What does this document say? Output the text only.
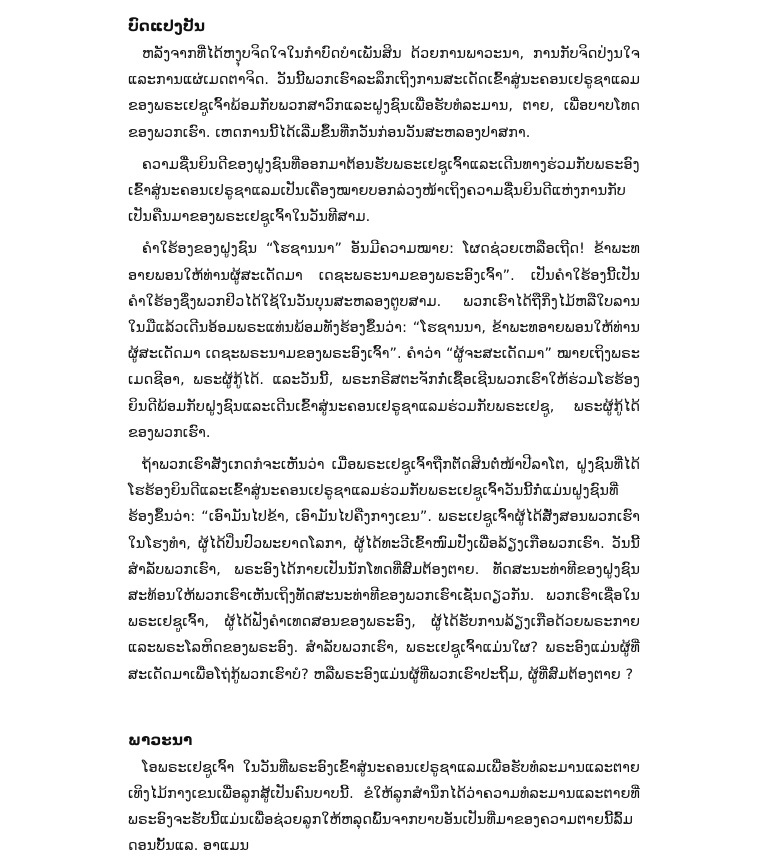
ບົດແປງປັນ

ຫລັງຈາກທີ່ໄດ້ຫງຸບຈິດໃຈໃນກໍາບົດບໍາເພັນສິນ ດ້ວຍການພາວະນາ, ການກັບຈິດປ່ງນໃຈແລະການແຜ່ເມດຕາຈິດ. ວັນນີ້ພວກເຮົາລະລຶກເຖິງການສະເດັດເຂົ້າສູ່ນະຄອນເຢຣູຊາແລມຂອງພຣະເຢຊູເຈົ້າພ້ອມກັບພວກສາວົກແລະຝູງຊົນເພື່ອຮັບທໍລະມານ, ຕາຍ, ເພື່ອບາບໂທດຂອງພວກເຮົາ. ເຫດການນີ້ໄດ້ເລີ່ມຂຶ້ນທີ່ກວັນກ່ອນວັນສະຫລອງປາສກາ.

ຄວາມຊື່ນຍິນດີຂອງຝູງຊົນທີ່ອອກມາຕ້ອນຮັບພຣະເຢຊູເຈົ້າແລະເດີນທາງຮ່ວມກັບພຣະອົງເຂົ້າສູ່ນະຄອນເຢຣູຊາແລມເປັນເຄື່ອງໝາຍບອກລ່ວງໜ້າເຖິງຄວາມຊື່ນຍິນດີແຫ່ງການກັບເປັນຄືນມາຂອງພຣະເຢຊູເຈົ້າໃນວັນທີສາມ.

ຄໍາໃຮ້ອງຂອງຝູງຊົນ “ໂຮຊານນາ” ອັນມີຄວາມໝາຍ: ໂຜດຊ່ວຍເຫລືອເຖີດ! ຂ້າພະທອາຍພອນໃຫ້ທ່ານຜູ້ສະເດັດມາ ເດຊະພຣະນາມຂອງພຣະອົງເຈົ້າ”. ເປັນຄໍາໃຮ້ອງນີ້ເປັນຄໍາໃຮ້ອງຊຶ່ງພວກຢິວໄດ້ໃຊ້ໃນວັນບຸນສະຫລອງຕູບສາມ. ພວກເຮົາໄດ້ຖືກິ່ງໄມ້ຫລືໃບລານໃນມືແລ້ວເດີນອ້ອມພຣະແທ່ນພ້ອມທັງຮ້ອງຂຶ້ນວ່າ: “ໂຮຊານນາ, ຂ້າພະທອາຍພອນໃຫ້ທ່ານຜູ້ສະເດັດມາ ເດຊະພຣະນາມຂອງພຣະອົງເຈົ້າ”. ຄໍາວ່າ “ຜູ້ຈະສະເດັດມາ” ໝາຍເຖິງພຣະເມດຊີອາ, ພຣະຜູ້ກູ້ໄດ້. ແລະວັນນີ້, ພຣະກຣີສຕະຈັກກໍ່ເຊື້ອເຊີນພວກເຮົາໃຫ້ຮ່ວມໂຮຮ້ອງຍິນດີພ້ອມກັບຝູງຊົນແລະເດີນເຂົ້າສູ່ນະຄອນເຢຣູຊາແລມຮ່ວມກັບພຣະເຢຊູ, ພຣະຜູ້ກູ້ໄດ້ຂອງພວກເຮົາ.

ຖ້າພວກເຮົາສັງເກດກໍຈະເຫັນວ່າ ເມື່ອພຣະເຢຊູເຈົ້າຖືກຕັດສິນຕໍ່ໜ້າປີລາໂຕ, ຝູງຊົນທີ່ໄດ້ໂຮຮ້ອງຍິນດີແລະເຂົ້າສູ່ນະຄອນເຢຣູຊາແລມຮ່ວມກັບພຣະເຢຊູເຈົ້າວັນນີ້ກໍ່ແມ່ນຝູງຊົນທີ່ຮ້ອງຂຶ້ນວ່າ: “ເອົາມັນໄປຂ້າ, ເອົາມັນໄປຄືງກາງເຂນ”. ພຣະເຢຊູເຈົ້າຜູ້ໄດ້ສັ່ງສອນພວກເຮົາໃນໂຮງທໍາ, ຜູ້ໄດ້ປິ່ນປົວພະຍາດໂລກາ, ຜູ້ໄດ້ທະວີເຂົ້າໜົມປັງເພື່ອລ້ຽງເກືອພວກເຮົາ. ວັນນີ້ສໍາລັບພວກເຮົາ, ພຣະອົງໄດ້ກາຍເປັນນັກໂທດທີ່ສົມຕ້ອງຕາຍ. ທັດສະນະທ່າທີຂອງຝູງຊົນສະທ້ອນໃຫ້ພວກເຮົາເຫັນເຖິງທັດສະນະທ່າທີຂອງພວກເຮົາເຊັ່ນດຽວກັນ. ພວກເຮົາເຊື່ອໃນພຣະເຢຊູເຈົ້າ, ຜູ້ໄດ້ຟັງຄໍາເທດສອນຂອງພຣະອົງ, ຜູ້ໄດ້ຮັບການລ້ຽງເກືອດ້ວຍພຣະກາຍແລະພຣະໂລຫິດຂອງພຣະອົງ. ສໍາລັບພວກເຮົາ, ພຣະເຢຊູເຈົ້າແມ່ນໃຜ? ພຣະອົງແມ່ນຜູ້ທີ່ສະເດັດມາເພື່ອໂຖ່ກູ້ພວກເຮົາບໍ? ຫລືພຣະອົງແມ່ນຜູ້ທີ່ພວກເຮົາປະຖິ້ມ, ຜູ້ທີ່ສົມຕ້ອງຕາຍ ?

ພາວະນາ

ໂອພຣະເຢຊູເຈົ້າ ໃນວັນທີ່ພຣະອົງເຂົ້າສູ່ນະຄອນເຢຣູຊາແລມເພື່ອຮັບທໍລະມານແລະຕາຍເທິງໄມ້ກາງເຂນເພື່ອລູກສູ້ເປັນຄົນບາບນີ້. ຂໍໃຫ້ລູກສໍານຶກໄດ້ວ່າຄວາມທໍລະມານແລະຕາຍທີ່ພຣະອົງຈະຮັບນີ້ແມ່ນເພື່ອຊ່ວຍລູກໃຫ້ຫລຸດພົ້ນຈາກບາບອັນເປັນທີ່ມາຂອງຄວາມຕາຍນີ້ລົ້ມດອນບັ້ນແລ. ອາແມນ
